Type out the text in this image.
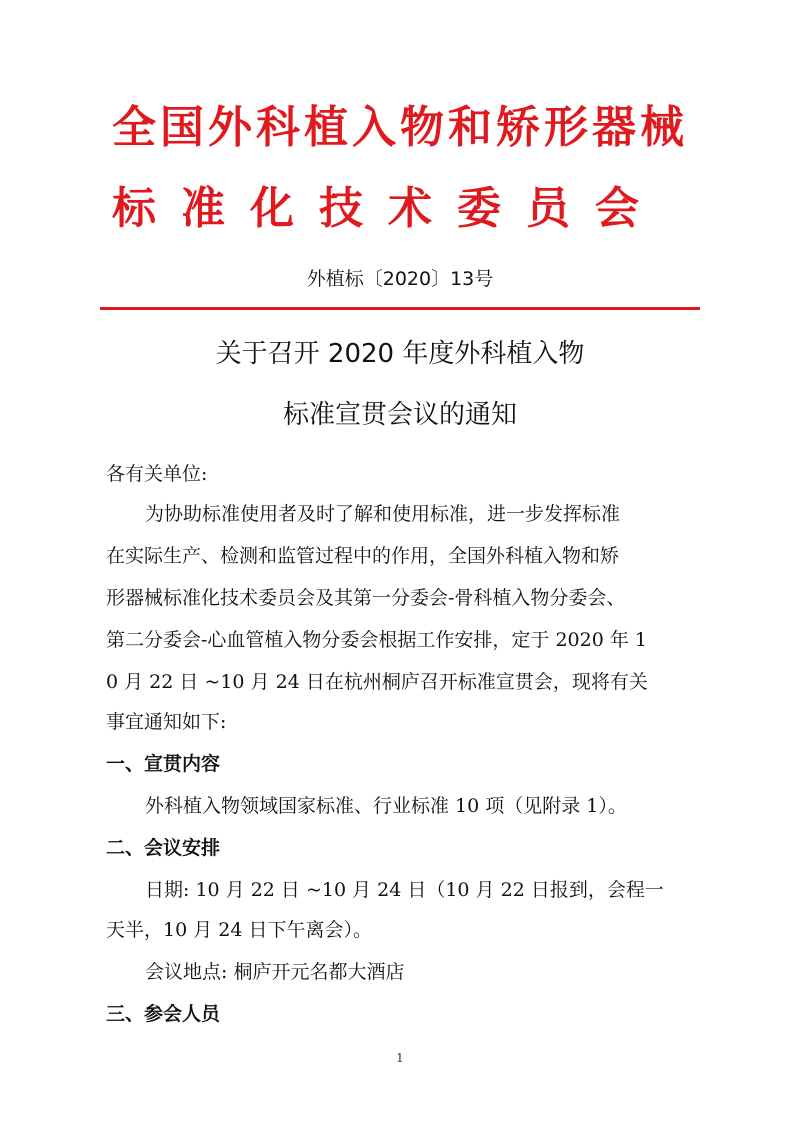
全国外科植入物和矫形器械
标准化技术委员会
外植标〔2020〕13号
关于召开 2020 年度外科植入物
标准宣贯会议的通知
各有关单位:
为协助标准使用者及时了解和使用标准，进一步发挥标准
在实际生产、检测和监管过程中的作用，全国外科植入物和矫
形器械标准化技术委员会及其第一分委会-骨科植入物分委会、
第二分委会-心血管植入物分委会根据工作安排，定于 2020 年 1
0 月 22 日 ~10 月 24 日在杭州桐庐召开标准宣贯会，现将有关
事宜通知如下:
一、宣贯内容
外科植入物领域国家标准、行业标准 10 项（见附录 1）。
二、会议安排
日期: 10 月 22 日 ~10 月 24 日（10 月 22 日报到，会程一
天半，10 月 24 日下午离会）。
会议地点: 桐庐开元名都大酒店
三、参会人员
1
